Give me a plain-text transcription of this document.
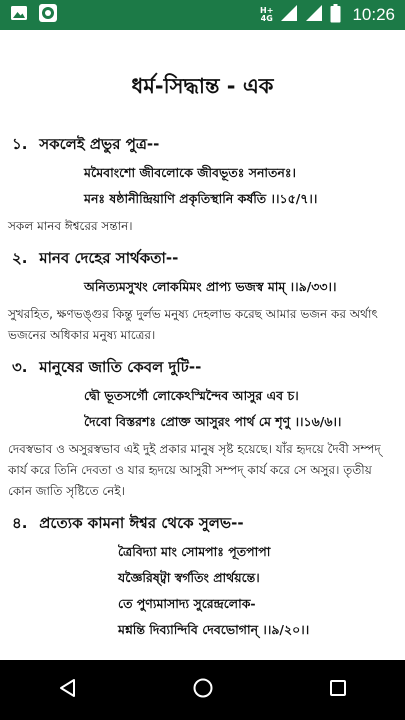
H+
4G	10:26
ধর্ম-সিদ্ধান্ত - এক
১. সকলেই প্রভুর পুত্র--
মমৈবাংশো জীবলোকে জীবভূতঃ সনাতনঃ।
মনঃ ষষ্ঠানীন্দ্রিয়াণি প্রকৃতিস্থানি কর্ষতি ।।১৫/৭।।
সকল মানব ঈশ্বরের সন্তান।
২. মানব দেহের সার্থকতা--
অনিত্যমসুখং লোকমিমং প্রাপ্য ভজস্ব মাম্ ।।৯/৩৩।।
সুখরহিত, ক্ষণভঙ্গুর কিন্তু দুর্লভ মনুষ্য দেহলাভ করেছ আমার ভজন কর অর্থাৎ ভজনের অধিকার মনুষ্য মাত্রের।
৩. মানুষের জাতি কেবল দুটি--
দ্বৌ ভূতসর্গৌ লোকেঽস্মিন্দৈব আসুর এব চ।
দৈবো বিস্তরশঃ প্রোক্ত আসুরং পার্থ মে শৃণু ।।১৬/৬।।
দেবস্বভাব ও অসুরস্বভাব এই দুই প্রকার মানুষ সৃষ্ট হয়েছে। যাঁর হৃদয়ে দৈবী সম্পদ্ কার্য করে তিনি দেবতা ও যার হৃদয়ে আসুরী সম্পদ্ কার্য করে সে অসুর। তৃতীয় কোন জাতি সৃষ্টিতে নেই।
৪. প্রত্যেক কামনা ঈশ্বর থেকে সুলভ--
ত্রৈবিদ্যা মাং সোমপাঃ পূতপাপা
যজ্ঞৈরিষ্ট্বা স্বর্গতিং প্রার্থয়ন্তে।
তে পুণ্যমাসাদ্য সুরেন্দ্রলোক-
মশ্নন্তি দিব্যান্দিবি দেবভোগান্ ।।৯/২০।।
